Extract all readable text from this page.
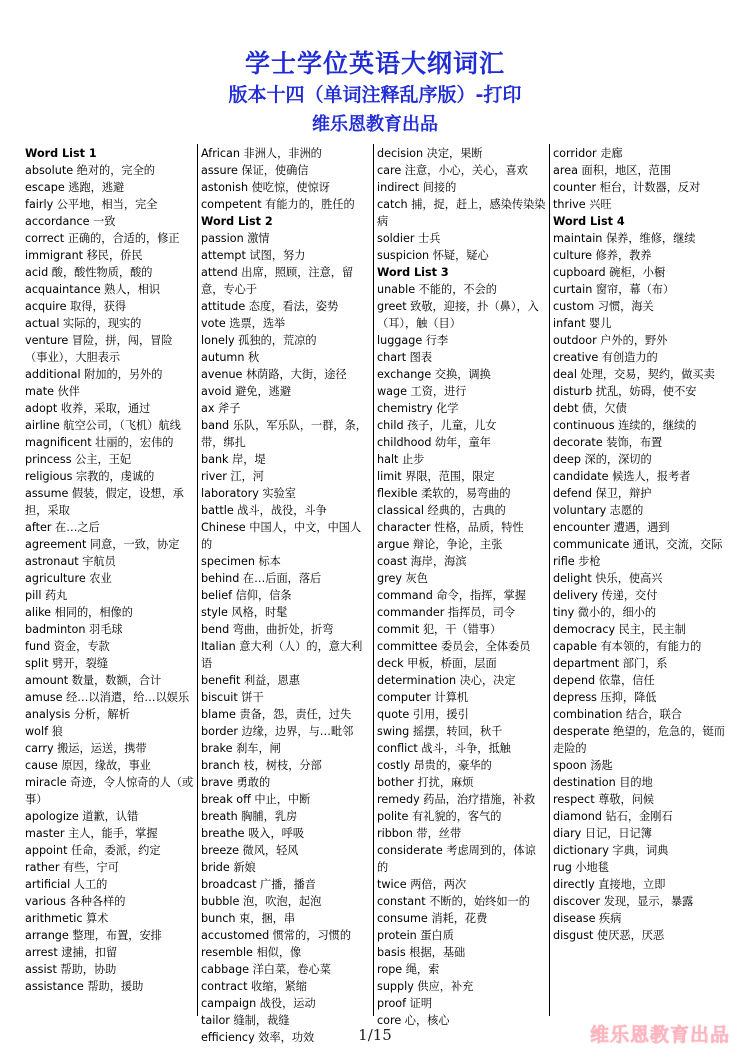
学士学位英语大纲词汇
版本十四（单词注释乱序版）-打印
维乐恩教育出品
Word List 1
absolute 绝对的，完全的
escape 逃跑，逃避
fairly 公平地，相当，完全
accordance 一致
correct 正确的，合适的，修正
immigrant 移民，侨民
acid 酸，酸性物质，酸的
acquaintance 熟人，相识
acquire 取得，获得
actual 实际的，现实的
venture 冒险，拼，闯，冒险（事业），大胆表示
additional 附加的，另外的
mate 伙伴
adopt 收养，采取，通过
airline 航空公司，（飞机）航线
magnificent 壮丽的，宏伟的
princess 公主，王妃
religious 宗教的，虔诚的
assume 假装，假定，设想，承担，采取
after 在…之后
agreement 同意，一致，协定
astronaut 宇航员
agriculture 农业
pill 药丸
alike 相同的，相像的
badminton 羽毛球
fund 资金，专款
split 劈开，裂缝
amount 数量，数额，合计
amuse 经…以消遣，给…以娱乐
analysis 分析，解析
wolf 狼
carry 搬运，运送，携带
cause 原因，缘故，事业
miracle 奇迹，令人惊奇的人（或事）
apologize 道歉，认错
master 主人，能手，掌握
appoint 任命，委派，约定
rather 有些，宁可
artificial 人工的
various 各种各样的
arithmetic 算术
arrange 整理，布置，安排
arrest 逮捕，扣留
assist 帮助，协助
assistance 帮助，援助
African 非洲人，非洲的
assure 保证，使确信
astonish 使吃惊，使惊讶
competent 有能力的，胜任的
Word List 2
passion 激情
attempt 试图，努力
attend 出席，照顾，注意，留意，专心于
attitude 态度，看法，姿势
vote 选票，选举
lonely 孤独的，荒凉的
autumn 秋
avenue 林荫路，大街，途径
avoid 避免，逃避
ax 斧子
band 乐队，军乐队，一群，条，带，绑扎
bank 岸，堤
river 江，河
laboratory 实验室
battle 战斗，战役，斗争
Chinese 中国人，中文，中国人的
specimen 标本
behind 在…后面，落后
belief 信仰，信条
style 风格，时髦
bend 弯曲，曲折处，折弯
Italian 意大利（人）的，意大利语
benefit 利益，恩惠
biscuit 饼干
blame 责备，怨，责任，过失
border 边缘，边界，与…毗邻
brake 刹车，闸
branch 枝，树枝，分部
brave 勇敢的
break off 中止，中断
breath 胸脯，乳房
breathe 吸入，呼吸
breeze 微风，轻风
bride 新娘
broadcast 广播，播音
bubble 泡，吹泡，起泡
bunch 束，捆，串
accustomed 惯常的，习惯的
resemble 相似，像
cabbage 洋白菜，卷心菜
contract 收缩，紧缩
campaign 战役，运动
tailor 缝制，裁缝
efficiency 效率，功效
decision 决定，果断
care 注意，小心，关心，喜欢
indirect 间接的
catch 捕，捉，赶上，感染传染染病
soldier 士兵
suspicion 怀疑，疑心
Word List 3
unable 不能的，不会的
greet 致敬，迎接，扑（鼻），入（耳），触（目）
luggage 行李
chart 图表
exchange 交换，调换
wage 工资，进行
chemistry 化学
child 孩子，儿童，儿女
childhood 幼年，童年
halt 止步
limit 界限，范围，限定
flexible 柔软的，易弯曲的
classical 经典的，古典的
character 性格，品质，特性
argue 辩论，争论，主张
coast 海岸，海滨
grey 灰色
command 命令，指挥，掌握
commander 指挥员，司令
commit 犯，干（错事）
committee 委员会，全体委员
deck 甲板，桥面，层面
determination 决心，决定
computer 计算机
quote 引用，援引
swing 摇摆，转回，秋千
conflict 战斗，斗争，抵触
costly 昂贵的，豪华的
bother 打扰，麻烦
remedy 药品，治疗措施，补救
polite 有礼貌的，客气的
ribbon 带，丝带
considerate 考虑周到的，体谅的
twice 两倍，两次
constant 不断的，始终如一的
consume 消耗，花费
protein 蛋白质
basis 根据，基础
rope 绳，索
supply 供应，补充
proof 证明
core 心，核心
corridor 走廊
area 面积，地区，范围
counter 柜台，计数器，反对
thrive 兴旺
Word List 4
maintain 保养，维修，继续
culture 修养，教养
cupboard 碗柜，小橱
curtain 窗帘，幕（布）
custom 习惯，海关
infant 婴儿
outdoor 户外的，野外
creative 有创造力的
deal 处理，交易，契约，做买卖
disturb 扰乱，妨碍，使不安
debt 债，欠债
continuous 连续的，继续的
decorate 装饰，布置
deep 深的，深切的
candidate 候选人，报考者
defend 保卫，辩护
voluntary 志愿的
encounter 遭遇，遇到
communicate 通讯，交流，交际
rifle 步枪
delight 快乐，使高兴
delivery 传递，交付
tiny 微小的，细小的
democracy 民主，民主制
capable 有本领的，有能力的
department 部门，系
depend 依靠，信任
depress 压抑，降低
combination 结合，联合
desperate 绝望的，危急的，铤而走险的
spoon 汤匙
destination 目的地
respect 尊敬，问候
diamond 钻石，金刚石
diary 日记，日记簿
dictionary 字典，词典
rug 小地毯
directly 直接地，立即
discover 发现，显示，暴露
disease 疾病
disgust 使厌恶，厌恶
1/15	维乐恩教育出品
